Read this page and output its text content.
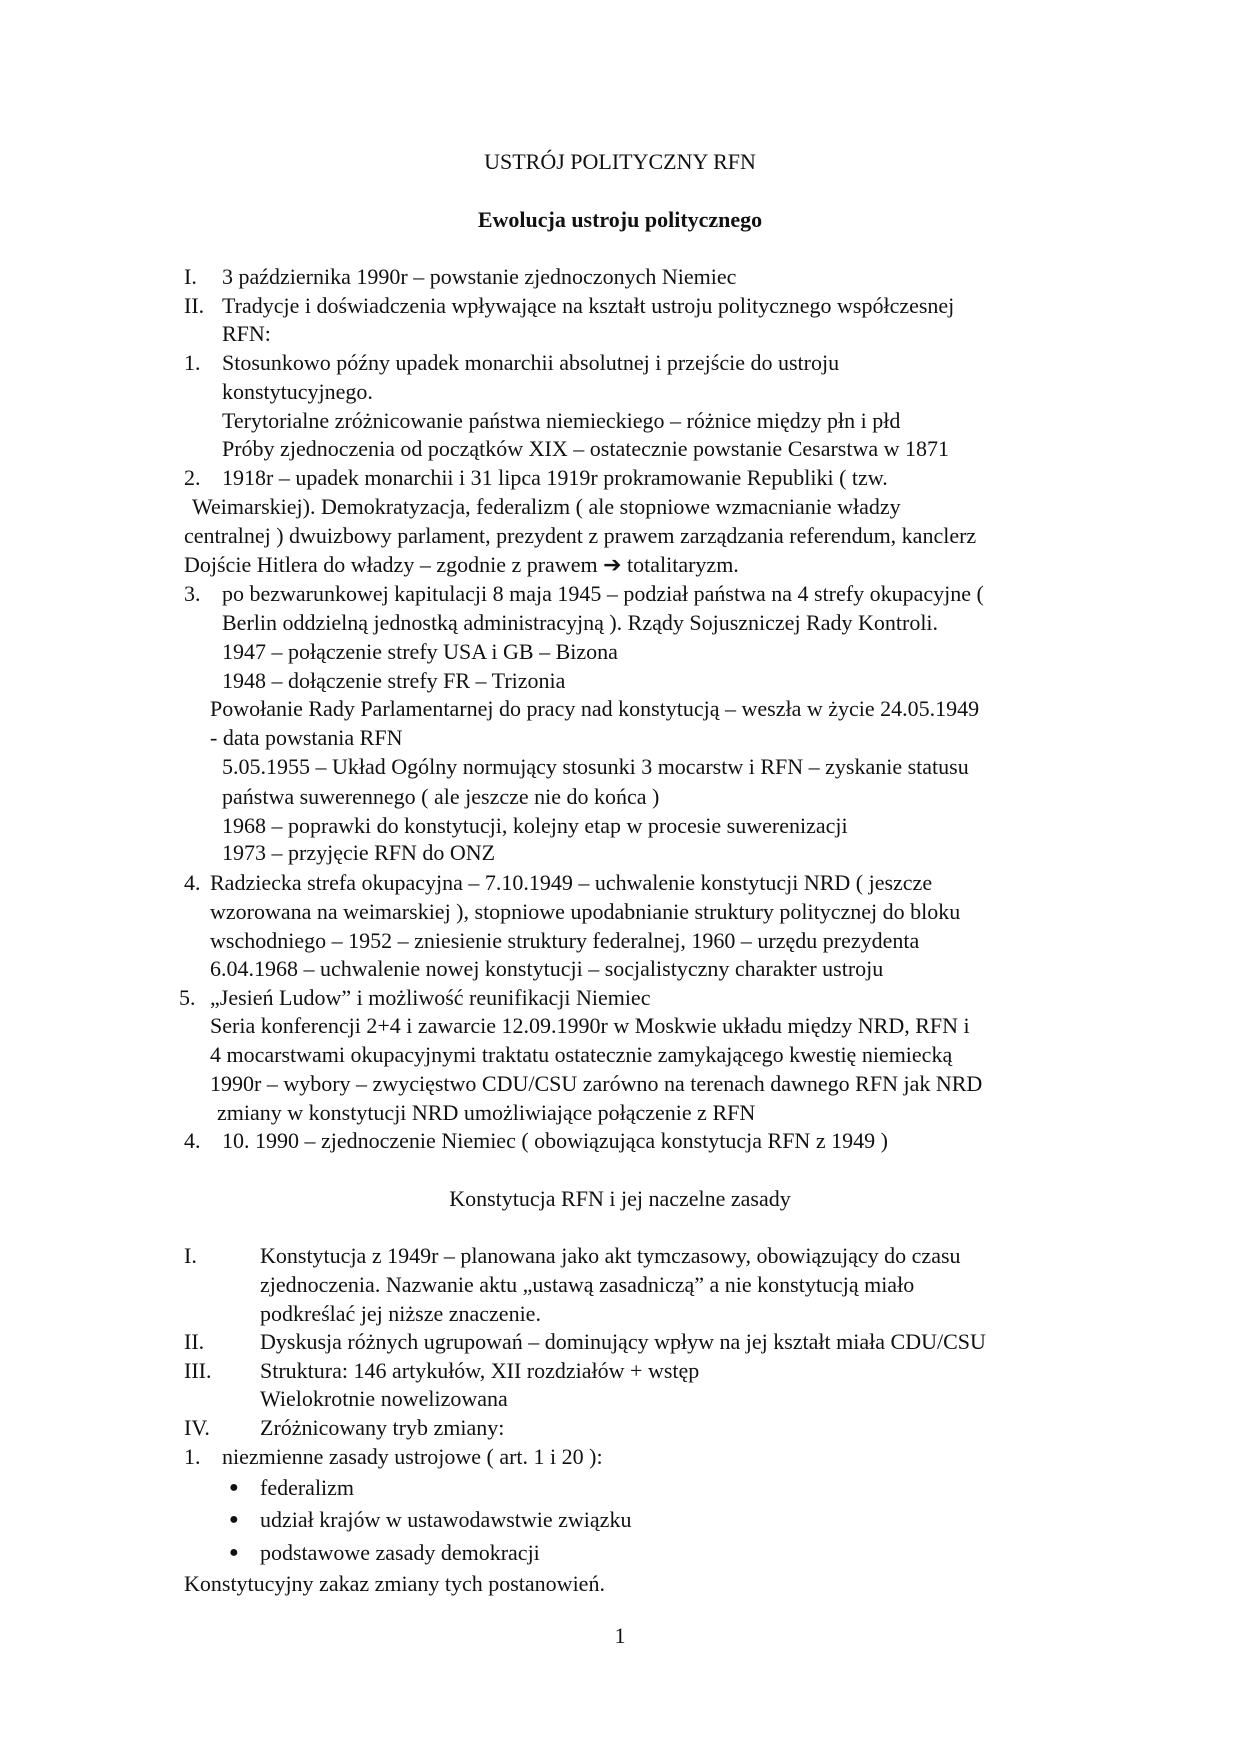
USTRÓJ POLITYCZNY RFN
Ewolucja ustroju politycznego
I. 3 października 1990r – powstanie zjednoczonych Niemiec
II. Tradycje i doświadczenia wpływające na kształt ustroju politycznego współczesnej
RFN:
1. Stosunkowo późny upadek monarchii absolutnej i przejście do ustroju
konstytucyjnego.
Terytorialne zróżnicowanie państwa niemieckiego – różnice między płn i płd
Próby zjednoczenia od początków XIX – ostatecznie powstanie Cesarstwa w 1871
2. 1918r – upadek monarchii i 31 lipca 1919r prokramowanie Republiki ( tzw.
Weimarskiej). Demokratyzacja, federalizm ( ale stopniowe wzmacnianie władzy
centralnej ) dwuizbowy parlament, prezydent z prawem zarządzania referendum, kanclerz
Dojście Hitlera do władzy – zgodnie z prawem ➔ totalitaryzm.
3. po bezwarunkowej kapitulacji 8 maja 1945 – podział państwa na 4 strefy okupacyjne (
Berlin oddzielną jednostką administracyjną ). Rządy Sojuszniczej Rady Kontroli.
1947 – połączenie strefy USA i GB – Bizona
1948 – dołączenie strefy FR – Trizonia
Powołanie Rady Parlamentarnej do pracy nad konstytucją – weszła w życie 24.05.1949
- data powstania RFN
5.05.1955 – Układ Ogólny normujący stosunki 3 mocarstw i RFN – zyskanie statusu
państwa suwerennego ( ale jeszcze nie do końca )
1968 – poprawki do konstytucji, kolejny etap w procesie suwerenizacji
1973 – przyjęcie RFN do ONZ
4. Radziecka strefa okupacyjna – 7.10.1949 – uchwalenie konstytucji NRD ( jeszcze
wzorowana na weimarskiej ), stopniowe upodabnianie struktury politycznej do bloku
wschodniego – 1952 – zniesienie struktury federalnej, 1960 – urzędu prezydenta
6.04.1968 – uchwalenie nowej konstytucji – socjalistyczny charakter ustroju
5. „Jesień Ludow” i możliwość reunifikacji Niemiec
Seria konferencji 2+4 i zawarcie 12.09.1990r w Moskwie układu między NRD, RFN i
4 mocarstwami okupacyjnymi traktatu ostatecznie zamykającego kwestię niemiecką
1990r – wybory – zwycięstwo CDU/CSU zarówno na terenach dawnego RFN jak NRD
zmiany w konstytucji NRD umożliwiające połączenie z RFN
4. 10. 1990 – zjednoczenie Niemiec ( obowiązująca konstytucja RFN z 1949 )
Konstytucja RFN i jej naczelne zasady
I.	Konstytucja z 1949r – planowana jako akt tymczasowy, obowiązujący do czasu
zjednoczenia. Nazwanie aktu „ustawą zasadniczą” a nie konstytucją miało
podkreślać jej niższe znaczenie.
II.	Dyskusja różnych ugrupowań – dominujący wpływ na jej kształt miała CDU/CSU
III. Struktura: 146 artykułów, XII rozdziałów + wstęp
Wielokrotnie nowelizowana
IV. Zróżnicowany tryb zmiany:
1. niezmienne zasady ustrojowe ( art. 1 i 20 ):
● federalizm
● udział krajów w ustawodawstwie związku
● podstawowe zasady demokracji
Konstytucyjny zakaz zmiany tych postanowień.
1
